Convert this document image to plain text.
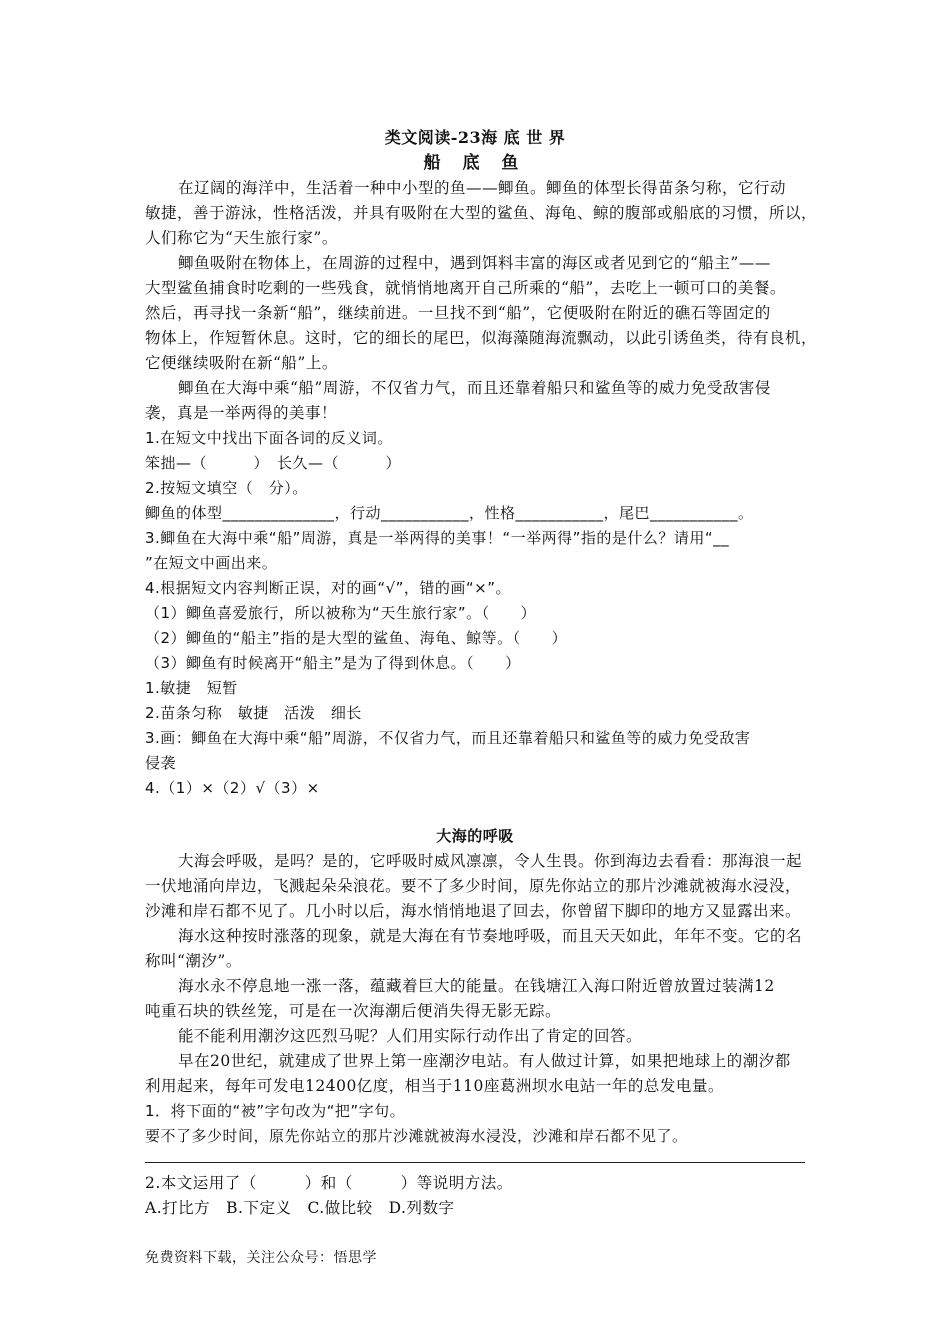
类文阅读-23海 底 世 界
船 底 鱼
在辽阔的海洋中，生活着一种中小型的鱼——鲫鱼。鲫鱼的体型长得苗条匀称，它行动
敏捷，善于游泳，性格活泼，并具有吸附在大型的鲨鱼、海龟、鲸的腹部或船底的习惯，所以，
人们称它为“天生旅行家”。
鲫鱼吸附在物体上，在周游的过程中，遇到饵料丰富的海区或者见到它的“船主”——
大型鲨鱼捕食时吃剩的一些残食，就悄悄地离开自己所乘的“船”，去吃上一顿可口的美餐。
然后，再寻找一条新“船”，继续前进。一旦找不到“船”，它便吸附在附近的礁石等固定的
物体上，作短暂休息。这时，它的细长的尾巴，似海藻随海流飘动，以此引诱鱼类，待有良机，
它便继续吸附在新“船”上。
鲫鱼在大海中乘“船”周游，不仅省力气，而且还靠着船只和鲨鱼等的威力免受敌害侵
袭，真是一举两得的美事！
1.在短文中找出下面各词的反义词。
笨拙—（　　　）　长久—（　　　）
2.按短文填空（　分）。
鲫鱼的体型______________，行动___________，性格___________，尾巴___________。
3.鲫鱼在大海中乘“船”周游，真是一举两得的美事！“一举两得”指的是什么？请用“__
”在短文中画出来。
4.根据短文内容判断正误，对的画“√”，错的画“×”。
（1）鲫鱼喜爱旅行，所以被称为“天生旅行家”。（　　）
（2）鲫鱼的“船主”指的是大型的鲨鱼、海龟、鲸等。（　　）
（3）鲫鱼有时候离开“船主”是为了得到休息。（　　）
1.敏捷　短暂
2.苗条匀称　敏捷　活泼　细长
3.画：鲫鱼在大海中乘“船”周游，不仅省力气，而且还靠着船只和鲨鱼等的威力免受敌害
侵袭
4.（1）×（2）√（3）×
大海的呼吸
大海会呼吸，是吗？是的，它呼吸时威风凛凛，令人生畏。你到海边去看看：那海浪一起
一伏地涌向岸边，飞溅起朵朵浪花。要不了多少时间，原先你站立的那片沙滩就被海水浸没，
沙滩和岸石都不见了。几小时以后，海水悄悄地退了回去，你曾留下脚印的地方又显露出来。
海水这种按时涨落的现象，就是大海在有节奏地呼吸，而且天天如此，年年不变。它的名
称叫“潮汐”。
海水永不停息地一涨一落，蕴藏着巨大的能量。在钱塘江入海口附近曾放置过装满12
吨重石块的铁丝笼，可是在一次海潮后便消失得无影无踪。
能不能利用潮汐这匹烈马呢？人们用实际行动作出了肯定的回答。
早在20世纪，就建成了世界上第一座潮汐电站。有人做过计算，如果把地球上的潮汐都
利用起来，每年可发电12400亿度，相当于110座葛洲坝水电站一年的总发电量。
1．将下面的“被”字句改为“把”字句。
要不了多少时间，原先你站立的那片沙滩就被海水浸没，沙滩和岸石都不见了。
2.本文运用了（　　　）和（　　　）等说明方法。
A.打比方　B.下定义　C.做比较　D.列数字
免费资料下载，关注公众号：悟思学
